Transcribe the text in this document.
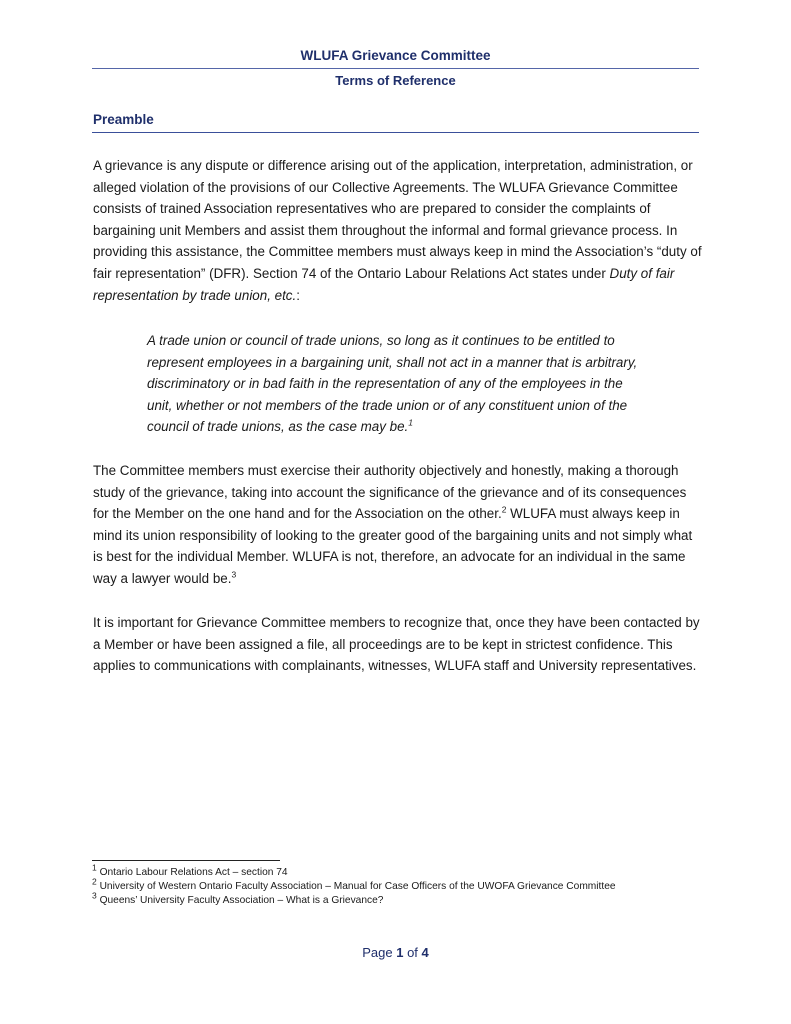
WLUFA Grievance Committee
Terms of Reference
Preamble

A grievance is any dispute or difference arising out of the application, interpretation, administration, or alleged violation of the provisions of our Collective Agreements. The WLUFA Grievance Committee consists of trained Association representatives who are prepared to consider the complaints of bargaining unit Members and assist them throughout the informal and formal grievance process. In providing this assistance, the Committee members must always keep in mind the Association’s “duty of fair representation” (DFR). Section 74 of the Ontario Labour Relations Act states under Duty of fair representation by trade union, etc.:

A trade union or council of trade unions, so long as it continues to be entitled to represent employees in a bargaining unit, shall not act in a manner that is arbitrary, discriminatory or in bad faith in the representation of any of the employees in the unit, whether or not members of the trade union or of any constituent union of the council of trade unions, as the case may be.$^1$

The Committee members must exercise their authority objectively and honestly, making a thorough study of the grievance, taking into account the significance of the grievance and of its consequences for the Member on the one hand and for the Association on the other.$^2$ WLUFA must always keep in mind its union responsibility of looking to the greater good of the bargaining units and not simply what is best for the individual Member. WLUFA is not, therefore, an advocate for an individual in the same way a lawyer would be.$^3$

It is important for Grievance Committee members to recognize that, once they have been contacted by a Member or have been assigned a file, all proceedings are to be kept in strictest confidence. This applies to communications with complainants, witnesses, WLUFA staff and University representatives.

$^1$ Ontario Labour Relations Act – section 74
$^2$ University of Western Ontario Faculty Association – Manual for Case Officers of the UWOFA Grievance Committee
$^3$ Queens’ University Faculty Association – What is a Grievance?
Page 1 of 4
